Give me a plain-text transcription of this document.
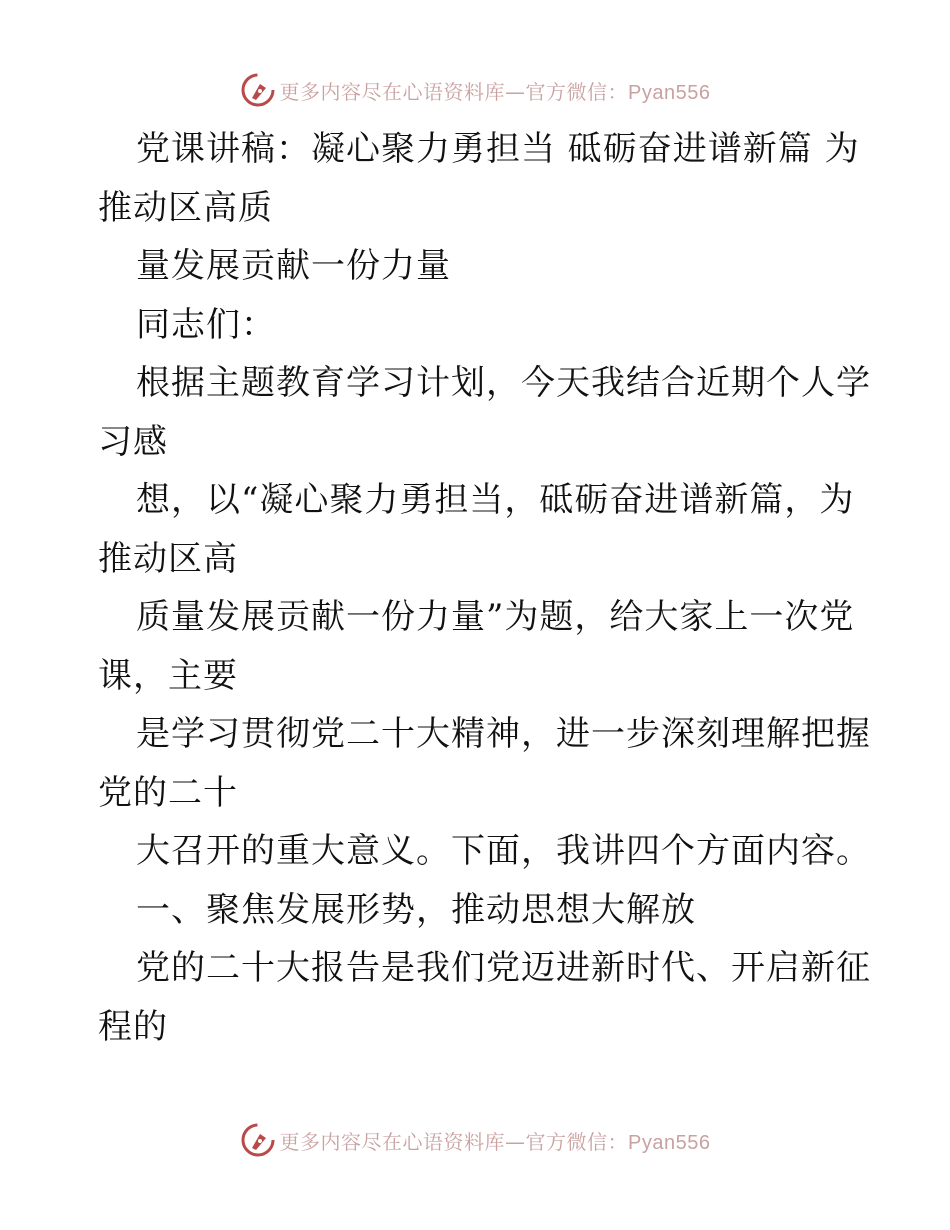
更多内容尽在心语资料库—官方微信：Pyan556
党课讲稿：凝心聚力勇担当 砥砺奋进谱新篇 为
推动区高质
量发展贡献一份力量
同志们：
根据主题教育学习计划，今天我结合近期个人学
习感
想，以“凝心聚力勇担当，砥砺奋进谱新篇，为
推动区高
质量发展贡献一份力量”为题，给大家上一次党
课，主要
是学习贯彻党二十大精神，进一步深刻理解把握
党的二十
大召开的重大意义。下面，我讲四个方面内容。
一、聚焦发展形势，推动思想大解放
党的二十大报告是我们党迈进新时代、开启新征
程的
更多内容尽在心语资料库—官方微信：Pyan556
